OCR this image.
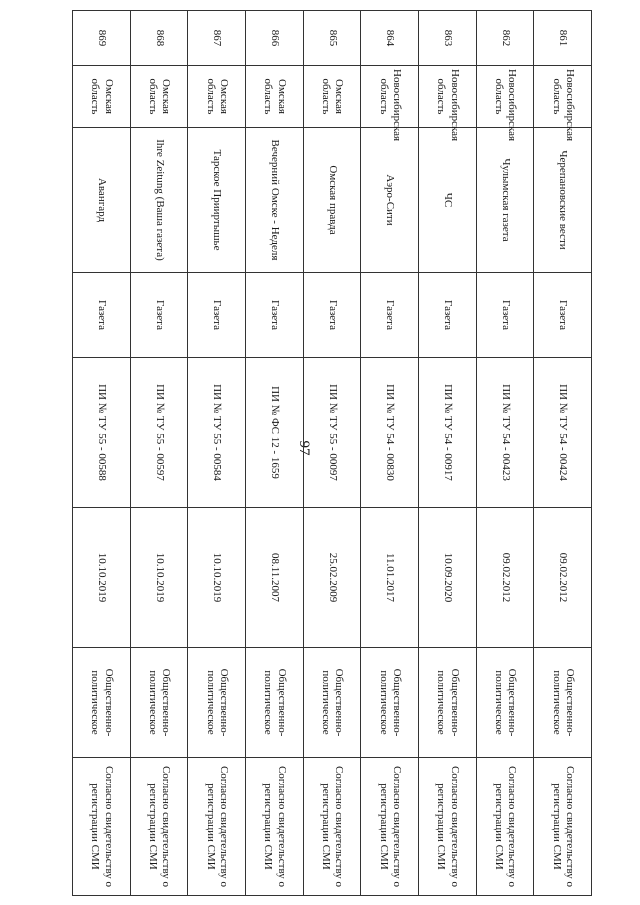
97
861	Новосибирская область	Черепановские вести	Газета	ПИ № ТУ 54 - 00424	09.02.2012	Общественно-политическое	Согласно свидетельству о регистрации СМИ
862	Новосибирская область	Чулымская газета	Газета	ПИ № ТУ 54 - 00423	09.02.2012	Общественно-политическое	Согласно свидетельству о регистрации СМИ
863	Новосибирская область	ЧС	Газета	ПИ № ТУ 54 - 00917	10.09.2020	Общественно-политическое	Согласно свидетельству о регистрации СМИ
864	Новосибирская область	Аэро-Сити	Газета	ПИ № ТУ 54 - 00830	11.01.2017	Общественно-политическое	Согласно свидетельству о регистрации СМИ
865	Омская область	Омская правда	Газета	ПИ № ТУ 55 - 00097	25.02.2009	Общественно-политическое	Согласно свидетельству о регистрации СМИ
866	Омская область	Вечерний Омске - Неделя	Газета	ПИ № ФС 12 - 1659	08.11.2007	Общественно-политическое	Согласно свидетельству о регистрации СМИ
867	Омская область	Тарское Прииртышье	Газета	ПИ № ТУ 55 - 00584	10.10.2019	Общественно-политическое	Согласно свидетельству о регистрации СМИ
868	Омская область	Ihre Zeitung (Ваша газета)	Газета	ПИ № ТУ 55 - 00597	10.10.2019	Общественно-политическое	Согласно свидетельству о регистрации СМИ
869	Омская область	Авангард	Газета	ПИ № ТУ 55 - 00588	10.10.2019	Общественно-политическое	Согласно свидетельству о регистрации СМИ
